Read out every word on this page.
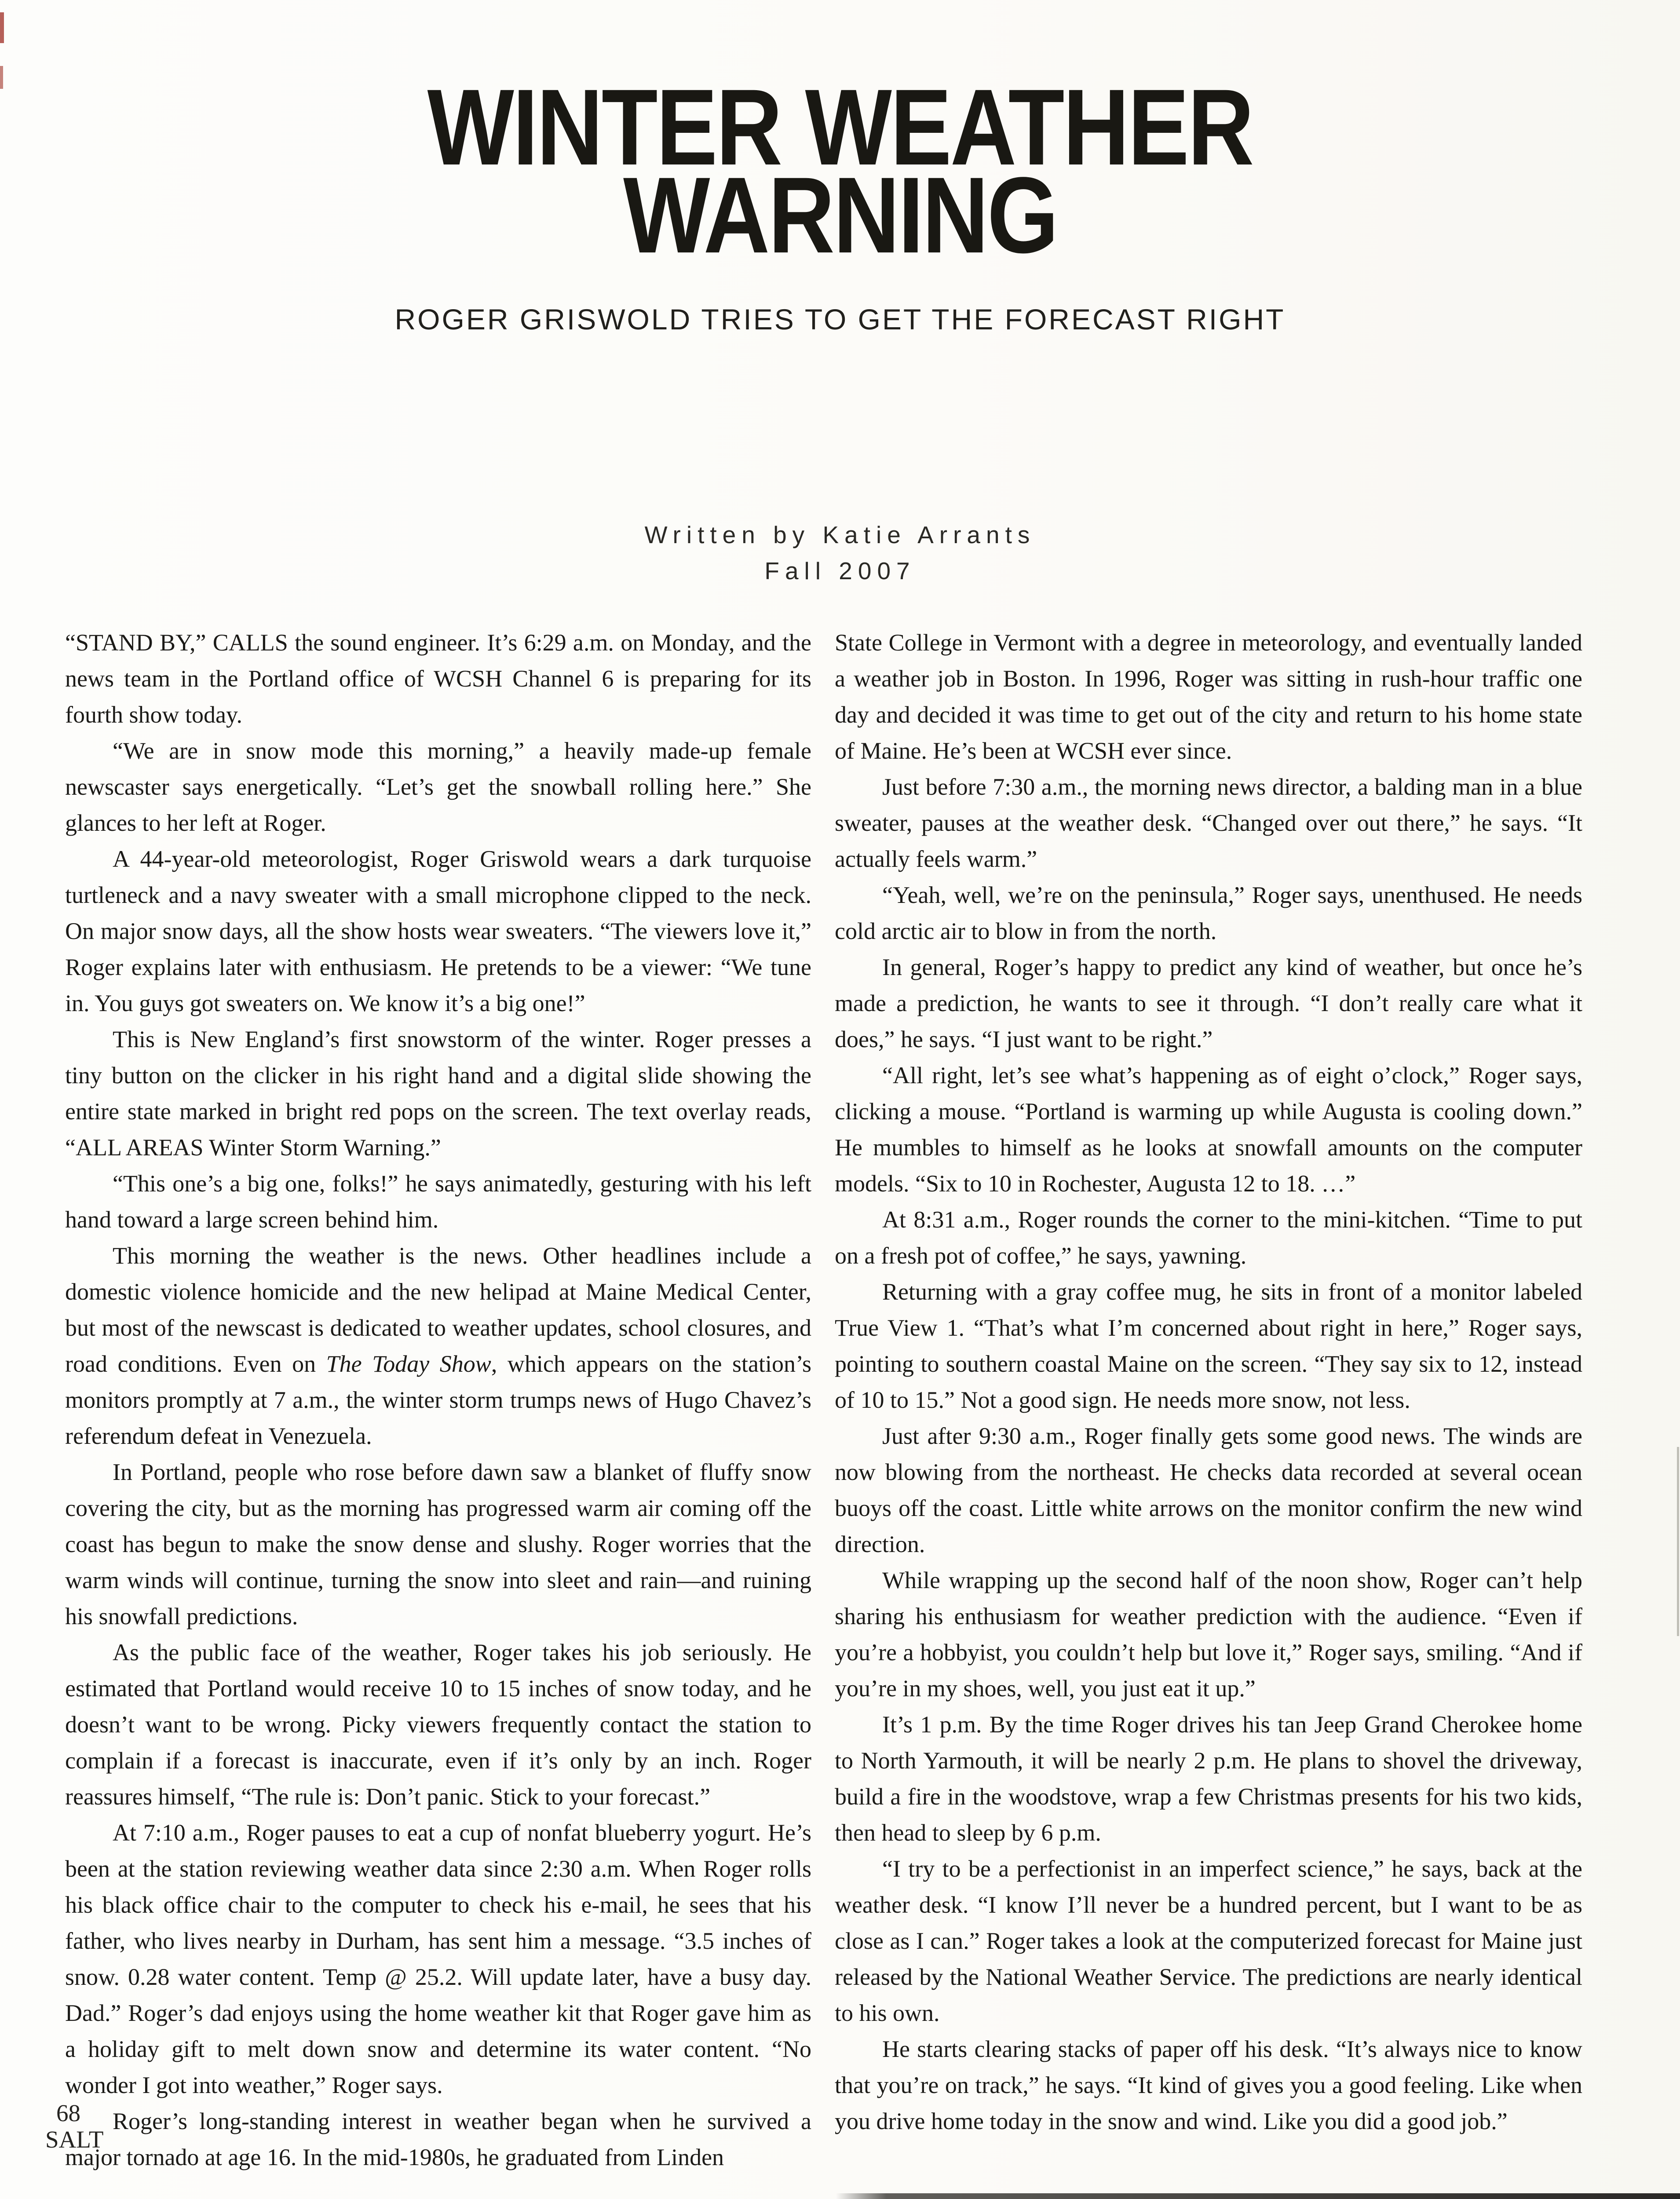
WINTER WEATHER
WARNING
ROGER GRISWOLD TRIES TO GET THE FORECAST RIGHT
Written by Katie Arrants
Fall 2007

“STAND BY,” CALLS the sound engineer. It’s 6:29 a.m. on Monday, and the news team in the Portland office of WCSH Channel 6 is preparing for its fourth show today.

“We are in snow mode this morning,” a heavily made-up female newscaster says energetically. “Let’s get the snowball rolling here.” She glances to her left at Roger.

A 44-year-old meteorologist, Roger Griswold wears a dark turquoise turtleneck and a navy sweater with a small microphone clipped to the neck. On major snow days, all the show hosts wear sweaters. “The viewers love it,” Roger explains later with enthusiasm. He pretends to be a viewer: “We tune in. You guys got sweaters on. We know it’s a big one!”

This is New England’s first snowstorm of the winter. Roger presses a tiny button on the clicker in his right hand and a digital slide showing the entire state marked in bright red pops on the screen. The text overlay reads, “ALL AREAS Winter Storm Warning.”

“This one’s a big one, folks!” he says animatedly, gesturing with his left hand toward a large screen behind him.

This morning the weather is the news. Other headlines include a domestic violence homicide and the new helipad at Maine Medical Center, but most of the newscast is dedicated to weather updates, school closures, and road conditions. Even on The Today Show, which appears on the station’s monitors promptly at 7 a.m., the winter storm trumps news of Hugo Chavez’s referendum defeat in Venezuela.

In Portland, people who rose before dawn saw a blanket of fluffy snow covering the city, but as the morning has progressed warm air coming off the coast has begun to make the snow dense and slushy. Roger worries that the warm winds will continue, turning the snow into sleet and rain—and ruining his snowfall predictions.

As the public face of the weather, Roger takes his job seriously. He estimated that Portland would receive 10 to 15 inches of snow today, and he doesn’t want to be wrong. Picky viewers frequently contact the station to complain if a forecast is inaccurate, even if it’s only by an inch. Roger reassures himself, “The rule is: Don’t panic. Stick to your forecast.”

At 7:10 a.m., Roger pauses to eat a cup of nonfat blueberry yogurt. He’s been at the station reviewing weather data since 2:30 a.m. When Roger rolls his black office chair to the computer to check his e-mail, he sees that his father, who lives nearby in Durham, has sent him a message. “3.5 inches of snow. 0.28 water content. Temp @ 25.2. Will update later, have a busy day. Dad.” Roger’s dad enjoys using the home weather kit that Roger gave him as a holiday gift to melt down snow and determine its water content. “No wonder I got into weather,” Roger says.

Roger’s long-standing interest in weather began when he survived a major tornado at age 16. In the mid-1980s, he graduated from Linden

State College in Vermont with a degree in meteorology, and eventually landed a weather job in Boston. In 1996, Roger was sitting in rush-hour traffic one day and decided it was time to get out of the city and return to his home state of Maine. He’s been at WCSH ever since.

Just before 7:30 a.m., the morning news director, a balding man in a blue sweater, pauses at the weather desk. “Changed over out there,” he says. “It actually feels warm.”

“Yeah, well, we’re on the peninsula,” Roger says, unenthused. He needs cold arctic air to blow in from the north.

In general, Roger’s happy to predict any kind of weather, but once he’s made a prediction, he wants to see it through. “I don’t really care what it does,” he says. “I just want to be right.”

“All right, let’s see what’s happening as of eight o’clock,” Roger says, clicking a mouse. “Portland is warming up while Augusta is cooling down.” He mumbles to himself as he looks at snowfall amounts on the computer models. “Six to 10 in Rochester, Augusta 12 to 18. …”

At 8:31 a.m., Roger rounds the corner to the mini-kitchen. “Time to put on a fresh pot of coffee,” he says, yawning.

Returning with a gray coffee mug, he sits in front of a monitor labeled True View 1. “That’s what I’m concerned about right in here,” Roger says, pointing to southern coastal Maine on the screen. “They say six to 12, instead of 10 to 15.” Not a good sign. He needs more snow, not less.

Just after 9:30 a.m., Roger finally gets some good news. The winds are now blowing from the northeast. He checks data recorded at several ocean buoys off the coast. Little white arrows on the monitor confirm the new wind direction.

While wrapping up the second half of the noon show, Roger can’t help sharing his enthusiasm for weather prediction with the audience. “Even if you’re a hobbyist, you couldn’t help but love it,” Roger says, smiling. “And if you’re in my shoes, well, you just eat it up.”

It’s 1 p.m. By the time Roger drives his tan Jeep Grand Cherokee home to North Yarmouth, it will be nearly 2 p.m. He plans to shovel the driveway, build a fire in the woodstove, wrap a few Christmas presents for his two kids, then head to sleep by 6 p.m.

“I try to be a perfectionist in an imperfect science,” he says, back at the weather desk. “I know I’ll never be a hundred percent, but I want to be as close as I can.” Roger takes a look at the computerized forecast for Maine just released by the National Weather Service. The predictions are nearly identical to his own.

He starts clearing stacks of paper off his desk. “It’s always nice to know that you’re on track,” he says. “It kind of gives you a good feeling. Like when you drive home today in the snow and wind. Like you did a good job.”

68
SALT
